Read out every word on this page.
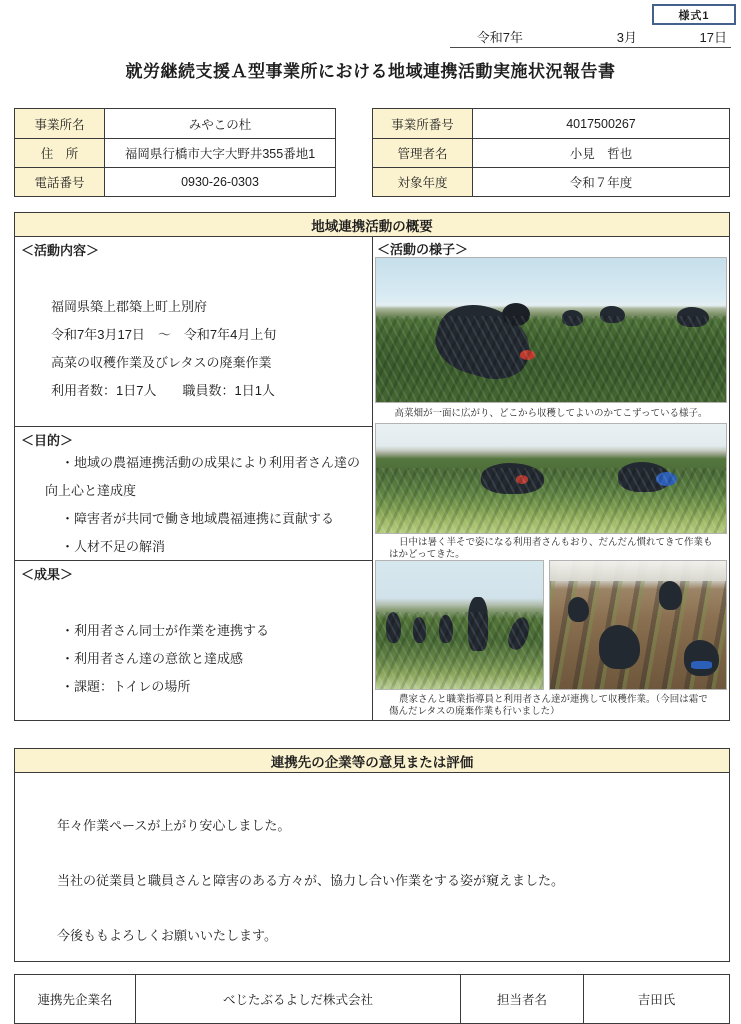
様式1
令和7年	3月	17日
就労継続支援Ａ型事業所における地域連携活動実施状況報告書
事業所名	みやこの杜
住　所	福岡県行橋市大字大野井355番地1
電話番号	0930-26-0303
事業所番号	4017500267
管理者名	小見　哲也
対象年度	令和７年度
地域連携活動の概要
＜活動内容＞
福岡県築上郡築上町上別府
令和7年3月17日　～　令和7年4月上旬
高菜の収穫作業及びレタスの廃棄作業
利用者数：1日7人　　職員数：1日1人
＜目的＞
・地域の農福連携活動の成果により利用者さん達の
向上心と達成度
・障害者が共同で働き地域農福連携に貢献する
・人材不足の解消
＜成果＞
・利用者さん同士が作業を連携する
・利用者さん達の意欲と達成感
・課題：トイレの場所
＜活動の様子＞
高菜畑が一面に広がり、どこから収穫してよいのかてこずっている様子。
日中は暑く半そで姿になる利用者さんもおり、だんだん慣れてきて作業もはかどってきた。
農家さんと職業指導員と利用者さん達が連携して収穫作業。（今回は霜で傷んだレタスの廃棄作業も行いました）
連携先の企業等の意見または評価

年々作業ペースが上がり安心しました。

当社の従業員と職員さんと障害のある方々が、協力し合い作業をする姿が窺えました。

今後ももよろしくお願いいたします。

連携先企業名	べじたぶるよしだ株式会社	担当者名	吉田氏
